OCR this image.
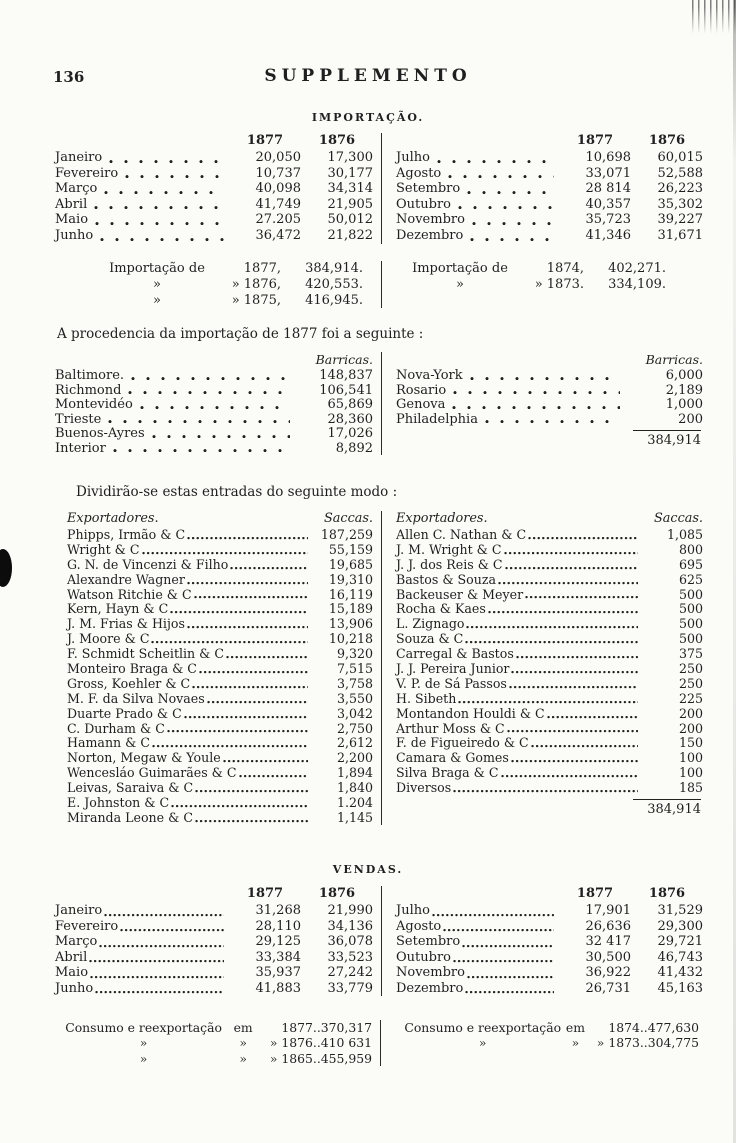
136	SUPPLEMENTO
IMPORTAÇÃO.
1877	1876
Janeiro	20,050	17,300
Fevereiro	10,737	30,177
Março	40,098	34,314
Abril	41,749	21,905
Maio	27.205	50,012
Junho	36,472	21,822
1877	1876
Julho	10,698	60,015
Agosto	33,071	52,588
Setembro	28 814	26,223
Outubro	40,357	35,302
Novembro	35,723	39,227
Dezembro	41,346	31,671
Importação de	1877,	384,914.
»	» 1876,	420,553.
»	» 1875,	416,945.
Importação de	1874,	402,271.
»	» 1873.	334,109.
A procedencia da importação de 1877 foi a seguinte :
Barricas.
Baltimore.	148,837
Richmond	106,541
Montevidéo	65,869
Trieste	28,360
Buenos-Ayres	17,026
Interior	8,892
Barricas.
Nova-York	6,000
Rosario	2,189
Genova	1,000
Philadelphia	200
384,914
Dividirão-se estas entradas do seguinte modo :
Exportadores.	Saccas.
Phipps, Irmão & C	187,259
Wright & C	55,159
G. N. de Vincenzi & Filho	19,685
Alexandre Wagner	19,310
Watson Ritchie & C	16,119
Kern, Hayn & C	15,189
J. M. Frias & Hijos	13,906
J. Moore & C	10,218
F. Schmidt Scheitlin & C	9,320
Monteiro Braga & C	7,515
Gross, Koehler & C	3,758
M. F. da Silva Novaes	3,550
Duarte Prado & C	3,042
C. Durham & C	2,750
Hamann & C	2,612
Norton, Megaw & Youle	2,200
Wencesláo Guimarães & C	1,894
Leivas, Saraiva & C	1,840
E. Johnston & C	1.204
Miranda Leone & C	1,145
Exportadores.	Saccas.
Allen C. Nathan & C	1,085
J. M. Wright & C	800
J. J. dos Reis & C	695
Bastos & Souza	625
Backeuser & Meyer	500
Rocha & Kaes	500
L. Zignago	500
Souza & C	500
Carregal & Bastos	375
J. J. Pereira Junior	250
V. P. de Sá Passos	250
H. Sibeth	225
Montandon Houldi & C	200
Arthur Moss & C	200
F. de Figueiredo & C	150
Camara & Gomes	100
Silva Braga & C	100
Diversos	185
384,914
VENDAS.
1877	1876
Janeiro	31,268	21,990
Fevereiro	28,110	34,136
Março	29,125	36,078
Abril	33,384	33,523
Maio	35,937	27,242
Junho	41,883	33,779
1877	1876
Julho	17,901	31,529
Agosto	26,636	29,300
Setembro	32 417	29,721
Outubro	30,500	46,743
Novembro	36,922	41,432
Dezembro	26,731	45,163
Consumo e reexportação em	1877.. 370,317
»	»	» 1876.. 410 631
»	»	» 1865.. 455,959
Consumo e reexportação em	1874.. 477,630
»	»	» 1873.. 304,775
